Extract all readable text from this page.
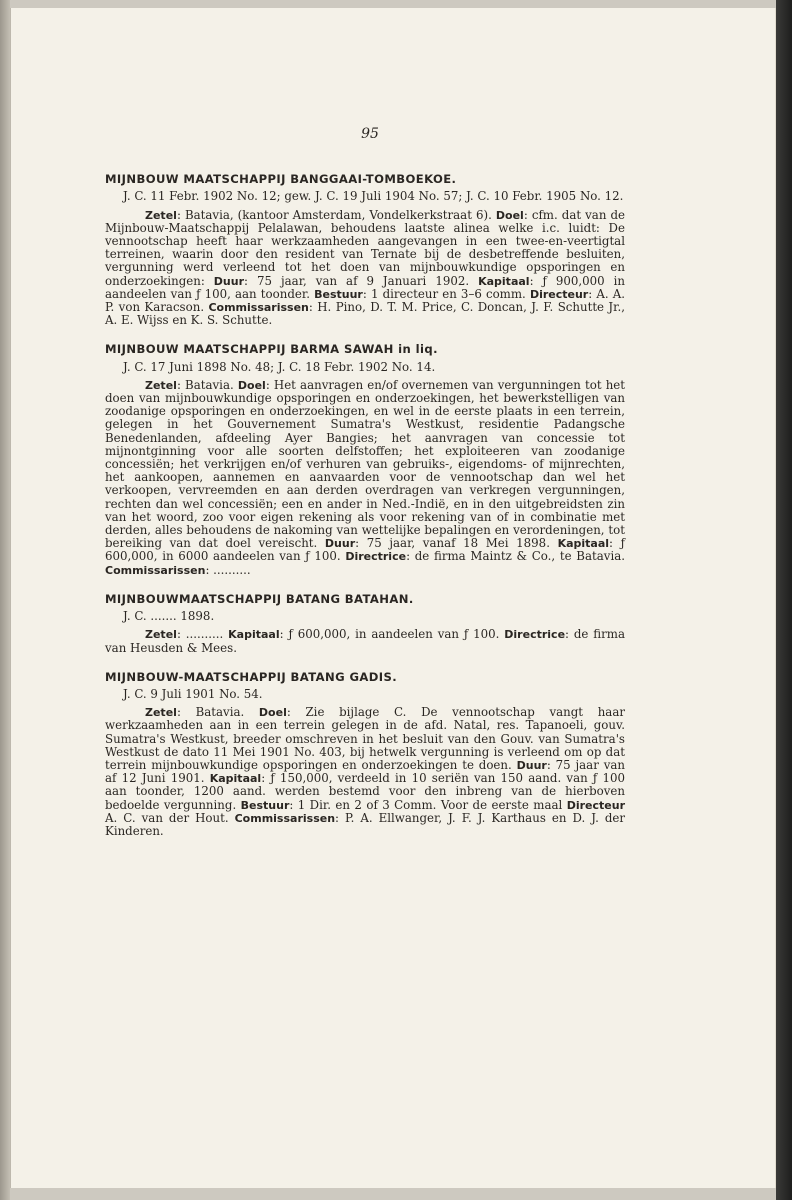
95
MIJNBOUW MAATSCHAPPIJ BANGGAAI-TOMBOEKOE.

J. C. 11 Febr. 1902 No. 12; gew. J. C. 19 Juli 1904 No. 57; J. C. 10 Febr. 1905 No. 12.

Zetel: Batavia, (kantoor Amsterdam, Vondelkerkstraat 6). Doel: cfm. dat van de Mijnbouw-Maatschappij Pelalawan, behoudens laatste alinea welke i.c. luidt: De vennootschap heeft haar werkzaamheden aangevangen in een twee-en-veertigtal terreinen, waarin door den resident van Ternate bij de desbetreffende besluiten, vergunning werd verleend tot het doen van mijnbouwkundige opsporingen en onderzoekingen: Duur: 75 jaar, van af 9 Januari 1902. Kapitaal: ƒ 900,000 in aandeelen van ƒ 100, aan toonder. Bestuur: 1 directeur en 3–6 comm. Directeur: A. A. P. von Karacson. Commissarissen: H. Pino, D. T. M. Price, C. Doncan, J. F. Schutte Jr., A. E. Wijss en K. S. Schutte.

MIJNBOUW MAATSCHAPPIJ BARMA SAWAH in liq.

J. C. 17 Juni 1898 No. 48; J. C. 18 Febr. 1902 No. 14.

Zetel: Batavia. Doel: Het aanvragen en/of overnemen van vergunningen tot het doen van mijnbouwkundige opsporingen en onderzoekingen, het bewerkstelligen van zoodanige opsporingen en onderzoekingen, en wel in de eerste plaats in een terrein, gelegen in het Gouvernement Sumatra's Westkust, residentie Padangsche Benedenlanden, afdeeling Ayer Bangies; het aanvragen van concessie tot mijnontginning voor alle soorten delfstoffen; het exploiteeren van zoodanige concessiën; het verkrijgen en/of verhuren van gebruiks-, eigendoms- of mijnrechten, het aankoopen, aannemen en aanvaarden voor de vennootschap dan wel het verkoopen, vervreemden en aan derden overdragen van verkregen vergunningen, rechten dan wel concessiën; een en ander in Ned.-Indië, en in den uitgebreidsten zin van het woord, zoo voor eigen rekening als voor rekening van of in combinatie met derden, alles behoudens de nakoming van wettelijke bepalingen en verordeningen, tot bereiking van dat doel vereischt. Duur: 75 jaar, vanaf 18 Mei 1898. Kapitaal: ƒ 600,000, in 6000 aandeelen van ƒ 100. Directrice: de firma Maintz & Co., te Batavia. Commissarissen: ..........

MIJNBOUWMAATSCHAPPIJ BATANG BATAHAN.

J. C. ....... 1898.

Zetel: .......... Kapitaal: ƒ 600,000, in aandeelen van ƒ 100. Directrice: de firma van Heusden & Mees.

MIJNBOUW-MAATSCHAPPIJ BATANG GADIS.

J. C. 9 Juli 1901 No. 54.

Zetel: Batavia. Doel: Zie bijlage C. De vennootschap vangt haar werkzaamheden aan in een terrein gelegen in de afd. Natal, res. Tapanoeli, gouv. Sumatra's Westkust, breeder omschreven in het besluit van den Gouv. van Sumatra's Westkust de dato 11 Mei 1901 No. 403, bij hetwelk vergunning is verleend om op dat terrein mijnbouwkundige opsporingen en onderzoekingen te doen. Duur: 75 jaar van af 12 Juni 1901. Kapitaal: ƒ 150,000, verdeeld in 10 seriën van 150 aand. van ƒ 100 aan toonder, 1200 aand. werden bestemd voor den inbreng van de hierboven bedoelde vergunning. Bestuur: 1 Dir. en 2 of 3 Comm. Voor de eerste maal Directeur A. C. van der Hout. Commissarissen: P. A. Ellwanger, J. F. J. Karthaus en D. J. der Kinderen.
